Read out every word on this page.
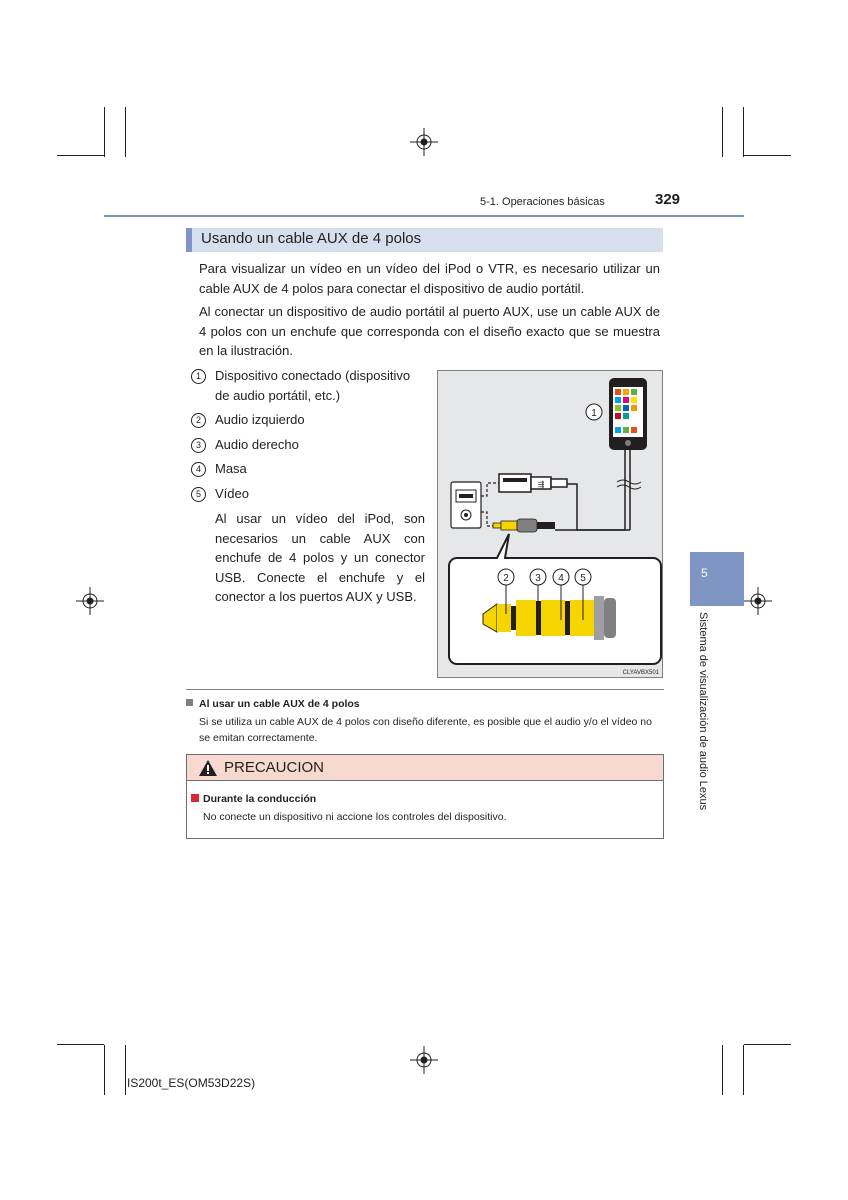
5-1. Operaciones básicas	329
Usando un cable AUX de 4 polos
Para visualizar un vídeo en un vídeo del iPod o VTR, es necesario utilizar un cable AUX de 4 polos para conectar el dispositivo de audio portátil.
Al conectar un dispositivo de audio portátil al puerto AUX, use un cable AUX de 4 polos con un enchufe que corresponda con el diseño exacto que se muestra en la ilustración.
1 Dispositivo conectado (dispositivo
de audio portátil, etc.)
2 Audio izquierdo
3 Audio derecho
4 Masa
5 Vídeo
Al usar un vídeo del iPod, son necesarios un cable AUX con enchufe de 4 polos y un conector USB. Conecte el enchufe y el conector a los puertos AUX y USB.
1
⇶
2	3 4 5
CLYAVBX501
Al usar un cable AUX de 4 polos
Si se utiliza un cable AUX de 4 polos con diseño diferente, es posible que el audio y/o el vídeo no se emitan correctamente.
PRECAUCION
Durante la conducción
No conecte un dispositivo ni accione los controles del dispositivo.
5
Sistema de visualización de audio Lexus
IS200t_ES(OM53D22S)
